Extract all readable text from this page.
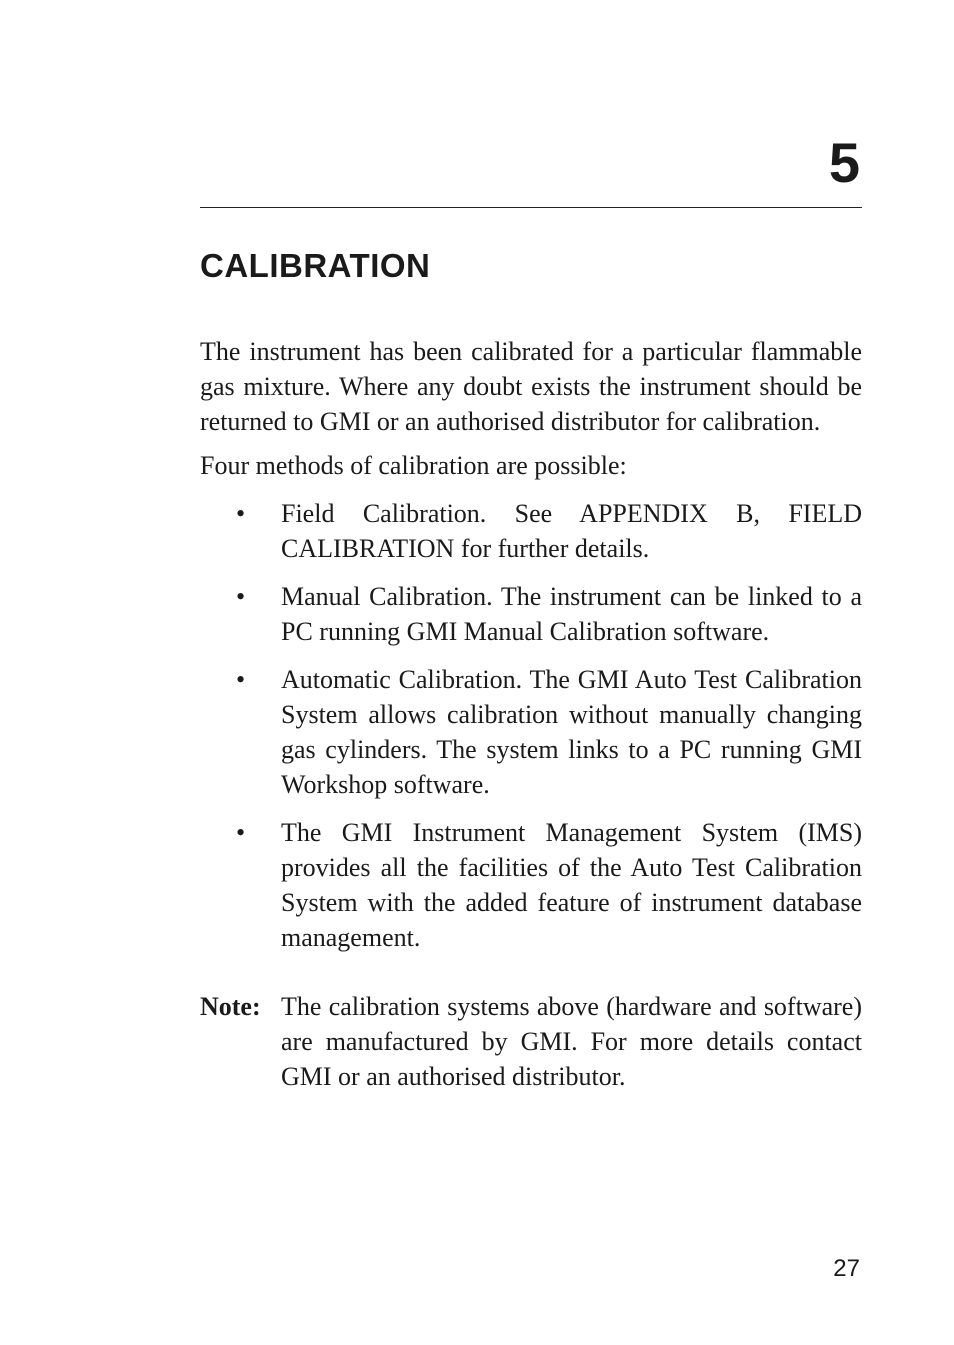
5
CALIBRATION

The instrument has been calibrated for a particular flammable gas mixture. Where any doubt exists the instrument should be returned to GMI or an authorised distributor for calibration.

Four methods of calibration are possible:

• Field Calibration. See APPENDIX B, FIELD CALIBRATION for further details.
• Manual Calibration. The instrument can be linked to a PC running GMI Manual Calibration software.
• Automatic Calibration. The GMI Auto Test Calibration System allows calibration without manually changing gas cylinders. The system links to a PC running GMI Workshop software.
• The GMI Instrument Management System (IMS) provides all the facilities of the Auto Test Calibration System with the added feature of instrument database management.

Note: The calibration systems above (hardware and software) are manufactured by GMI. For more details contact GMI or an authorised distributor.

27
